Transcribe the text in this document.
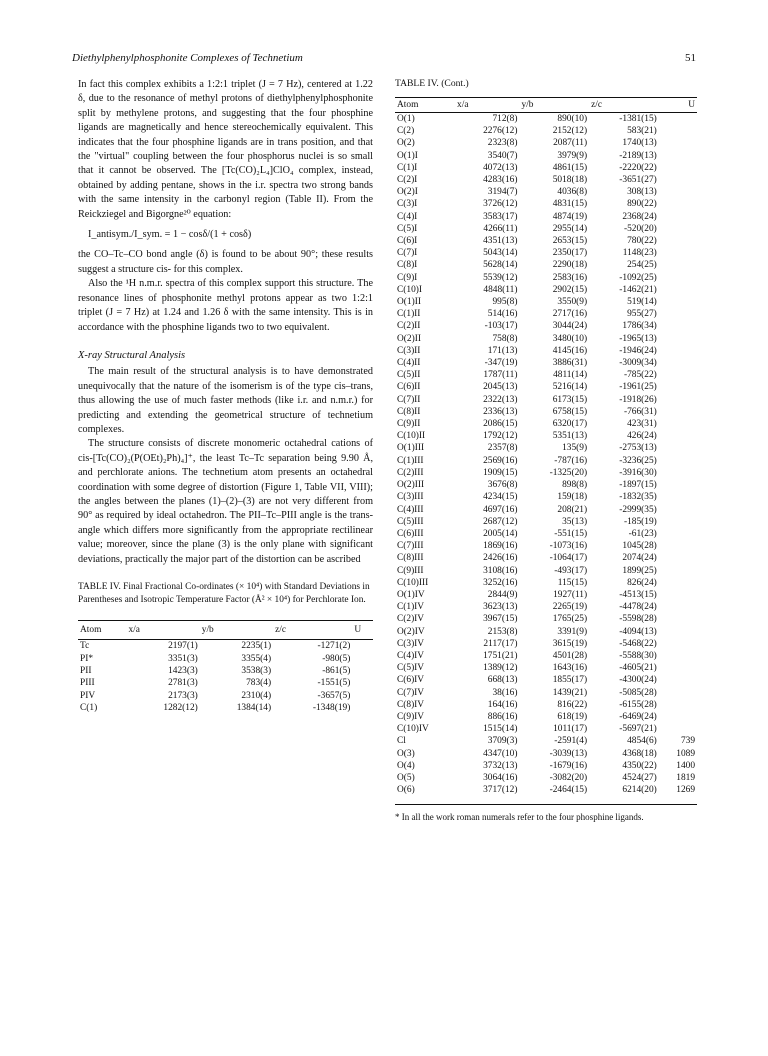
Diethylphenylphosphonite Complexes of Technetium	51

In fact this complex exhibits a 1:2:1 triplet (J = 7 Hz), centered at 1.22 δ, due to the resonance of methyl protons of diethylphenylphosphonite split by methylene protons, and suggesting that the four phosphine ligands are magnetically and hence stereochemically equivalent. This indicates that the four phosphine ligands are in trans position, and that the "virtual" coupling between the four phosphorus nuclei is so small that it cannot be observed. The [Tc(CO)₂L₄]ClO₄ complex, instead, obtained by adding pentane, shows in the i.r. spectra two strong bands with the same intensity in the carbonyl region (Table II). From the Reickziegel and Bigorgne²⁰ equation:

I_antisym./I_sym. = 1 − cosδ/(1 + cosδ)

the CO–Tc–CO bond angle (δ) is found to be about 90°; these results suggest a structure cis- for this complex.

Also the ¹H n.m.r. spectra of this complex support this structure. The resonance lines of phosphonite methyl protons appear as two 1:2:1 triplet (J = 7 Hz) at 1.24 and 1.26 δ with the same intensity. This is in accordance with the phosphine ligands two to two equivalent.

X-ray Structural Analysis

The main result of the structural analysis is to have demonstrated unequivocally that the nature of the isomerism is of the type cis–trans, thus allowing the use of much faster methods (like i.r. and n.m.r.) for predicting and extending the geometrical structure of technetium complexes.

The structure consists of discrete monomeric octahedral cations of cis-[Tc(CO)₂(P(OEt)₂Ph)₄]⁺, the least Tc–Tc separation being 9.90 Å, and perchlorate anions. The technetium atom presents an octahedral coordination with some degree of distortion (Figure 1, Table VII, VIII); the angles between the planes (1)–(2)–(3) are not very different from 90° as required by ideal octahedron. The PII–Tc–PIII angle is the trans-angle which differs more significantly from the appropriate rectilinear value; moreover, since the plane (3) is the only plane with significant deviations, practically the major part of the distortion can be ascribed

TABLE IV. Final Fractional Co-ordinates (× 10⁴) with Standard Deviations in Parentheses and Isotropic Temperature Factor (Å² × 10⁴) for Perchlorate Ion.
Atom	x/a	y/b	z/c	U
Tc	2197(1)	2235(1)	-1271(2)	
PI*	3351(3)	3355(4)	-980(5)	
PII	1423(3)	3538(3)	-861(5)	
PIII	2781(3)	783(4)	-1551(5)	
PIV	2173(3)	2310(4)	-3657(5)	
C(1)	1282(12)	1384(14)	-1348(19)	
TABLE IV. (Cont.)
Atom	x/a	y/b	z/c	U
O(1)	712(8)	890(10)	-1381(15)	
C(2)	2276(12)	2152(12)	583(21)	
O(2)	2323(8)	2087(11)	1740(13)	
O(1)I	3540(7)	3979(9)	-2189(13)	
C(1)I	4072(13)	4861(15)	-2220(22)	
C(2)I	4283(16)	5018(18)	-3651(27)	
O(2)I	3194(7)	4036(8)	308(13)	
C(3)I	3726(12)	4831(15)	890(22)	
C(4)I	3583(17)	4874(19)	2368(24)	
C(5)I	4266(11)	2955(14)	-520(20)	
C(6)I	4351(13)	2653(15)	780(22)	
C(7)I	5043(14)	2350(17)	1148(23)	
C(8)I	5628(14)	2290(18)	254(25)	
C(9)I	5539(12)	2583(16)	-1092(25)	
C(10)I	4848(11)	2902(15)	-1462(21)	
O(1)II	995(8)	3550(9)	519(14)	
C(1)II	514(16)	2717(16)	955(27)	
C(2)II	-103(17)	3044(24)	1786(34)	
O(2)II	758(8)	3480(10)	-1965(13)	
C(3)II	171(13)	4145(16)	-1946(24)	
C(4)II	-347(19)	3886(31)	-3009(34)	
C(5)II	1787(11)	4811(14)	-785(22)	
C(6)II	2045(13)	5216(14)	-1961(25)	
C(7)II	2322(13)	6173(15)	-1918(26)	
C(8)II	2336(13)	6758(15)	-766(31)	
C(9)II	2086(15)	6320(17)	423(31)	
C(10)II	1792(12)	5351(13)	426(24)	
O(1)III	2357(8)	135(9)	-2753(13)	
C(1)III	2569(16)	-787(16)	-3236(25)	
C(2)III	1909(15)	-1325(20)	-3916(30)	
O(2)III	3676(8)	898(8)	-1897(15)	
C(3)III	4234(15)	159(18)	-1832(35)	
C(4)III	4697(16)	208(21)	-2999(35)	
C(5)III	2687(12)	35(13)	-185(19)	
C(6)III	2005(14)	-551(15)	-61(23)	
C(7)III	1869(16)	-1073(16)	1045(28)	
C(8)III	2426(16)	-1064(17)	2074(24)	
C(9)III	3108(16)	-493(17)	1899(25)	
C(10)III	3252(16)	115(15)	826(24)	
O(1)IV	2844(9)	1927(11)	-4513(15)	
C(1)IV	3623(13)	2265(19)	-4478(24)	
C(2)IV	3967(15)	1765(25)	-5598(28)	
O(2)IV	2153(8)	3391(9)	-4094(13)	
C(3)IV	2117(17)	3615(19)	-5468(22)	
C(4)IV	1751(21)	4501(28)	-5588(30)	
C(5)IV	1389(12)	1643(16)	-4605(21)	
C(6)IV	668(13)	1855(17)	-4300(24)	
C(7)IV	38(16)	1439(21)	-5085(28)	
C(8)IV	164(16)	816(22)	-6155(28)	
C(9)IV	886(16)	618(19)	-6469(24)	
C(10)IV	1515(14)	1011(17)	-5697(21)	
Cl	3709(3)	-2591(4)	4854(6)	739
O(3)	4347(10)	-3039(13)	4368(18)	1089
O(4)	3732(13)	-1679(16)	4350(22)	1400
O(5)	3064(16)	-3082(20)	4524(27)	1819
O(6)	3717(12)	-2464(15)	6214(20)	1269
* In all the work roman numerals refer to the four phosphine ligands.
